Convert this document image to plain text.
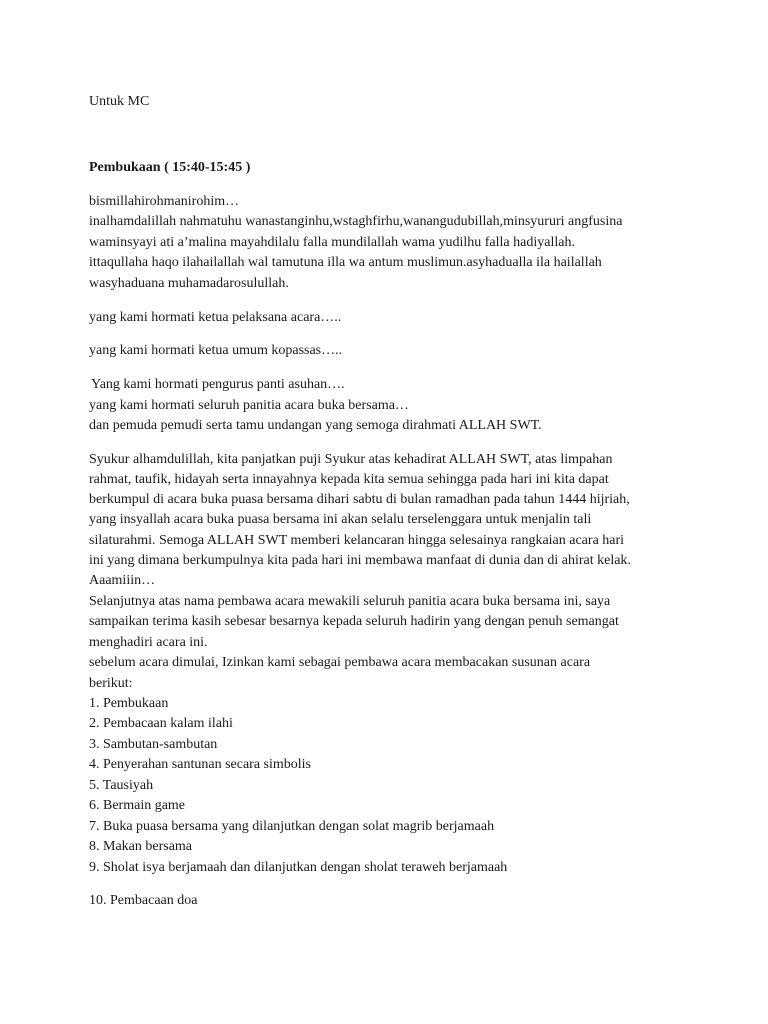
Untuk MC
Pembukaan ( 15:40-15:45 )
bismillahirohmanirohim…
inalhamdalillah nahmatuhu wanastanginhu,wstaghfirhu,wanangudubillah,minsyururi angfusina
waminsyayi ati a’malina mayahdilalu falla mundilallah wama yudilhu falla hadiyallah.
ittaqullaha haqo ilahailallah wal tamutuna illa wa antum muslimun.asyhadualla ila hailallah
wasyhaduana muhamadarosulullah.
yang kami hormati ketua pelaksana acara…..
yang kami hormati ketua umum kopassas…..
Yang kami hormati pengurus panti asuhan….
yang kami hormati seluruh panitia acara buka bersama…
dan pemuda pemudi serta tamu undangan yang semoga dirahmati ALLAH SWT.
Syukur alhamdulillah, kita panjatkan puji Syukur atas kehadirat ALLAH SWT, atas limpahan
rahmat, taufik, hidayah serta innayahnya kepada kita semua sehingga pada hari ini kita dapat
berkumpul di acara buka puasa bersama dihari sabtu di bulan ramadhan pada tahun 1444 hijriah,
yang insyallah acara buka puasa bersama ini akan selalu terselenggara untuk menjalin tali
silaturahmi. Semoga ALLAH SWT memberi kelancaran hingga selesainya rangkaian acara hari
ini yang dimana berkumpulnya kita pada hari ini membawa manfaat di dunia dan di ahirat kelak.
Aaamiiin…
Selanjutnya atas nama pembawa acara mewakili seluruh panitia acara buka bersama ini, saya
sampaikan terima kasih sebesar besarnya kepada seluruh hadirin yang dengan penuh semangat
menghadiri acara ini.
sebelum acara dimulai, Izinkan kami sebagai pembawa acara membacakan susunan acara
berikut:
1. Pembukaan
2. Pembacaan kalam ilahi
3. Sambutan-sambutan
4. Penyerahan santunan secara simbolis
5. Tausiyah
6. Bermain game
7. Buka puasa bersama yang dilanjutkan dengan solat magrib berjamaah
8. Makan bersama
9. Sholat isya berjamaah dan dilanjutkan dengan sholat teraweh berjamaah
10. Pembacaan doa
